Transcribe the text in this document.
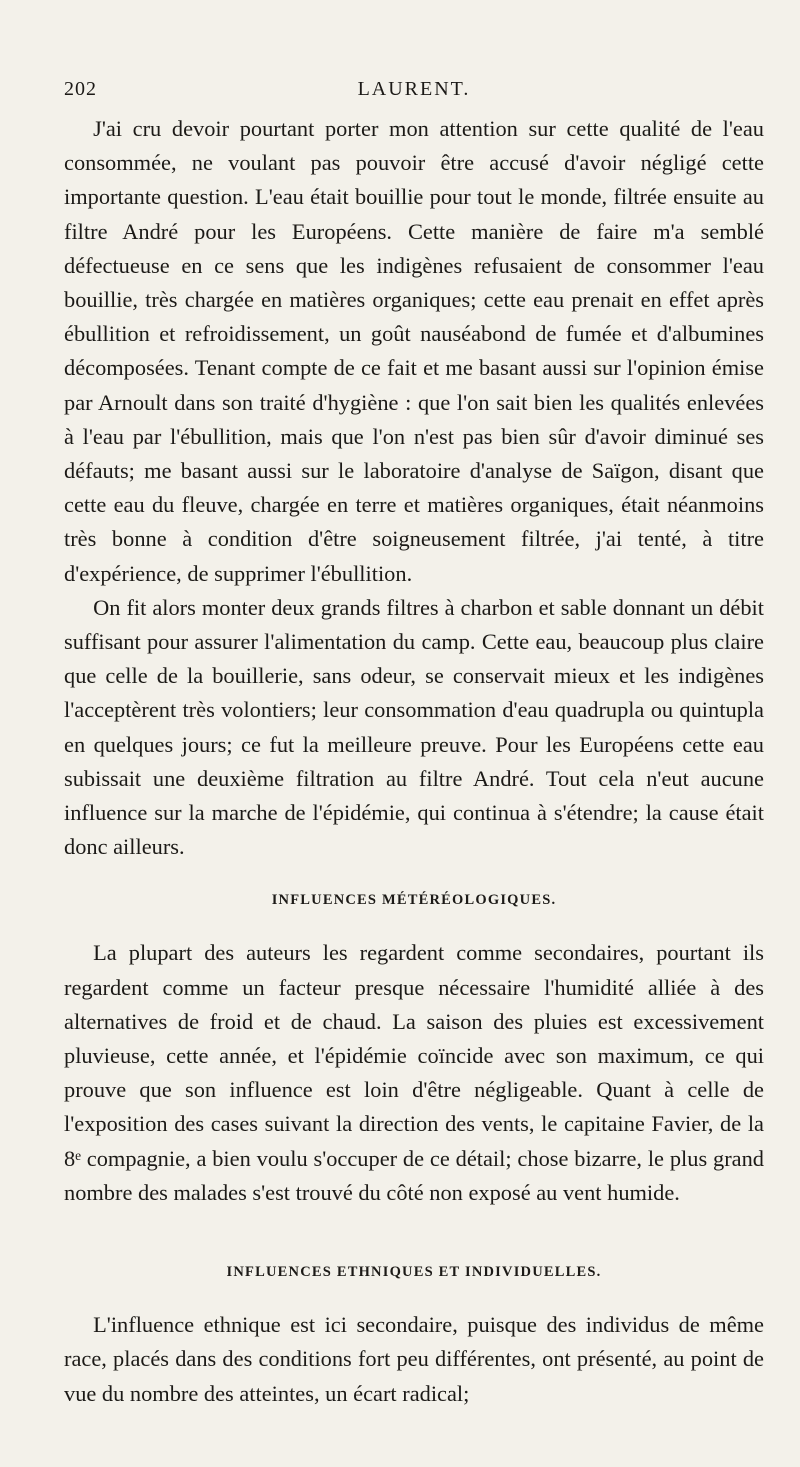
202	LAURENT.

J'ai cru devoir pourtant porter mon attention sur cette qualité de l'eau consommée, ne voulant pas pouvoir être accusé d'avoir négligé cette importante question. L'eau était bouillie pour tout le monde, filtrée ensuite au filtre André pour les Européens. Cette manière de faire m'a semblé défectueuse en ce sens que les indigènes refusaient de consommer l'eau bouillie, très chargée en matières organiques; cette eau prenait en effet après ébullition et refroidissement, un goût nauséabond de fumée et d'albumines décomposées. Tenant compte de ce fait et me basant aussi sur l'opinion émise par Arnoult dans son traité d'hygiène : que l'on sait bien les qualités enlevées à l'eau par l'ébullition, mais que l'on n'est pas bien sûr d'avoir diminué ses défauts; me basant aussi sur le laboratoire d'analyse de Saïgon, disant que cette eau du fleuve, chargée en terre et matières organiques, était néanmoins très bonne à condition d'être soigneusement filtrée, j'ai tenté, à titre d'expérience, de supprimer l'ébullition.

On fit alors monter deux grands filtres à charbon et sable donnant un débit suffisant pour assurer l'alimentation du camp. Cette eau, beaucoup plus claire que celle de la bouillerie, sans odeur, se conservait mieux et les indigènes l'acceptèrent très volontiers; leur consommation d'eau quadrupla ou quintupla en quelques jours; ce fut la meilleure preuve. Pour les Européens cette eau subissait une deuxième filtration au filtre André. Tout cela n'eut aucune influence sur la marche de l'épidémie, qui continua à s'étendre; la cause était donc ailleurs.

INFLUENCES MÉTÉRÉOLOGIQUES.

La plupart des auteurs les regardent comme secondaires, pourtant ils regardent comme un facteur presque nécessaire l'humidité alliée à des alternatives de froid et de chaud. La saison des pluies est excessivement pluvieuse, cette année, et l'épidémie coïncide avec son maximum, ce qui prouve que son influence est loin d'être négligeable. Quant à celle de l'exposition des cases suivant la direction des vents, le capitaine Favier, de la 8ᵉ compagnie, a bien voulu s'occuper de ce détail; chose bizarre, le plus grand nombre des malades s'est trouvé du côté non exposé au vent humide.

INFLUENCES ETHNIQUES ET INDIVIDUELLES.

L'influence ethnique est ici secondaire, puisque des individus de même race, placés dans des conditions fort peu différentes, ont présenté, au point de vue du nombre des atteintes, un écart radical;
